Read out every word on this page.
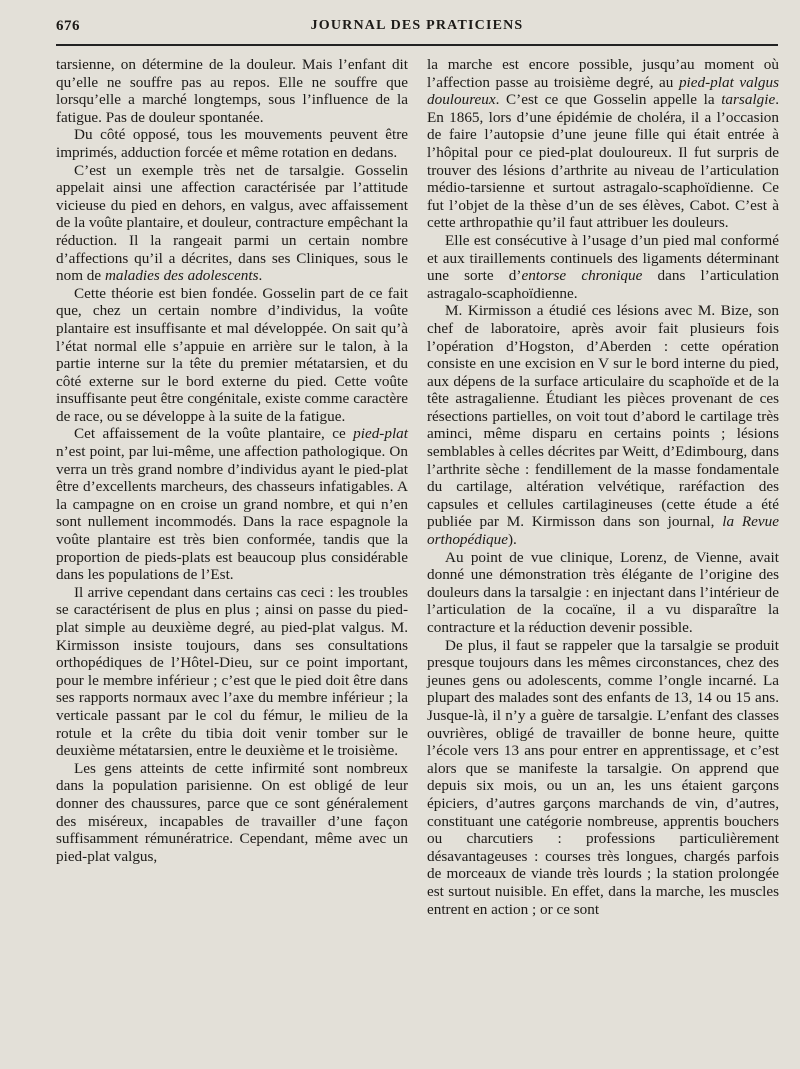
676	JOURNAL DES PRATICIENS

tarsienne, on détermine de la douleur. Mais l’enfant dit qu’elle ne souffre pas au repos. Elle ne souffre que lorsqu’elle a marché longtemps, sous l’influence de la fatigue. Pas de douleur spontanée.

Du côté opposé, tous les mouvements peuvent être imprimés, adduction forcée et même rotation en dedans.

C’est un exemple très net de tarsalgie. Gosselin appelait ainsi une affection caractérisée par l’attitude vicieuse du pied en dehors, en valgus, avec affaissement de la voûte plantaire, et douleur, contracture empêchant la réduction. Il la rangeait parmi un certain nombre d’affections qu’il a décrites, dans ses Cliniques, sous le nom de maladies des adolescents.

Cette théorie est bien fondée. Gosselin part de ce fait que, chez un certain nombre d’individus, la voûte plantaire est insuffisante et mal développée. On sait qu’à l’état normal elle s’appuie en arrière sur le talon, à la partie interne sur la tête du premier métatarsien, et du côté externe sur le bord externe du pied. Cette voûte insuffisante peut être congénitale, existe comme caractère de race, ou se développe à la suite de la fatigue.

Cet affaissement de la voûte plantaire, ce pied-plat n’est point, par lui-même, une affection pathologique. On verra un très grand nombre d’individus ayant le pied-plat être d’excellents marcheurs, des chasseurs infatigables. A la campagne on en croise un grand nombre, et qui n’en sont nullement incommodés. Dans la race espagnole la voûte plantaire est très bien conformée, tandis que la proportion de pieds-plats est beaucoup plus considérable dans les populations de l’Est.

Il arrive cependant dans certains cas ceci : les troubles se caractérisent de plus en plus ; ainsi on passe du pied-plat simple au deuxième degré, au pied-plat valgus. M. Kirmisson insiste toujours, dans ses consultations orthopédiques de l’Hôtel-Dieu, sur ce point important, pour le membre inférieur ; c’est que le pied doit être dans ses rapports normaux avec l’axe du membre inférieur ; la verticale passant par le col du fémur, le milieu de la rotule et la crête du tibia doit venir tomber sur le deuxième métatarsien, entre le deuxième et le troisième.

Les gens atteints de cette infirmité sont nombreux dans la population parisienne. On est obligé de leur donner des chaussures, parce que ce sont généralement des miséreux, incapables de travailler d’une façon suffisamment rémunératrice. Cependant, même avec un pied-plat valgus,

la marche est encore possible, jusqu’au moment où l’affection passe au troisième degré, au pied-plat valgus douloureux. C’est ce que Gosselin appelle la tarsalgie. En 1865, lors d’une épidémie de choléra, il a l’occasion de faire l’autopsie d’une jeune fille qui était entrée à l’hôpital pour ce pied-plat douloureux. Il fut surpris de trouver des lésions d’arthrite au niveau de l’articulation médio-tarsienne et surtout astragalo-scaphoïdienne. Ce fut l’objet de la thèse d’un de ses élèves, Cabot. C’est à cette arthropathie qu’il faut attribuer les douleurs.

Elle est consécutive à l’usage d’un pied mal conformé et aux tiraillements continuels des ligaments déterminant une sorte d’entorse chronique dans l’articulation astragalo-scaphoïdienne.

M. Kirmisson a étudié ces lésions avec M. Bize, son chef de laboratoire, après avoir fait plusieurs fois l’opération d’Hogston, d’Aberden : cette opération consiste en une excision en V sur le bord interne du pied, aux dépens de la surface articulaire du scaphoïde et de la tête astragalienne. Étudiant les pièces provenant de ces résections partielles, on voit tout d’abord le cartilage très aminci, même disparu en certains points ; lésions semblables à celles décrites par Weitt, d’Edimbourg, dans l’arthrite sèche : fendillement de la masse fondamentale du cartilage, altération velvétique, raréfaction des capsules et cellules cartilagineuses (cette étude a été publiée par M. Kirmisson dans son journal, la Revue orthopédique).

Au point de vue clinique, Lorenz, de Vienne, avait donné une démonstration très élégante de l’origine des douleurs dans la tarsalgie : en injectant dans l’intérieur de l’articulation de la cocaïne, il a vu disparaître la contracture et la réduction devenir possible.

De plus, il faut se rappeler que la tarsalgie se produit presque toujours dans les mêmes circonstances, chez des jeunes gens ou adolescents, comme l’ongle incarné. La plupart des malades sont des enfants de 13, 14 ou 15 ans. Jusque-là, il n’y a guère de tarsalgie. L’enfant des classes ouvrières, obligé de travailler de bonne heure, quitte l’école vers 13 ans pour entrer en apprentissage, et c’est alors que se manifeste la tarsalgie. On apprend que depuis six mois, ou un an, les uns étaient garçons épiciers, d’autres garçons marchands de vin, d’autres, constituant une catégorie nombreuse, apprentis bouchers ou charcutiers : professions particulièrement désavantageuses : courses très longues, chargés parfois de morceaux de viande très lourds ; la station prolongée est surtout nuisible. En effet, dans la marche, les muscles entrent en action ; or ce sont
